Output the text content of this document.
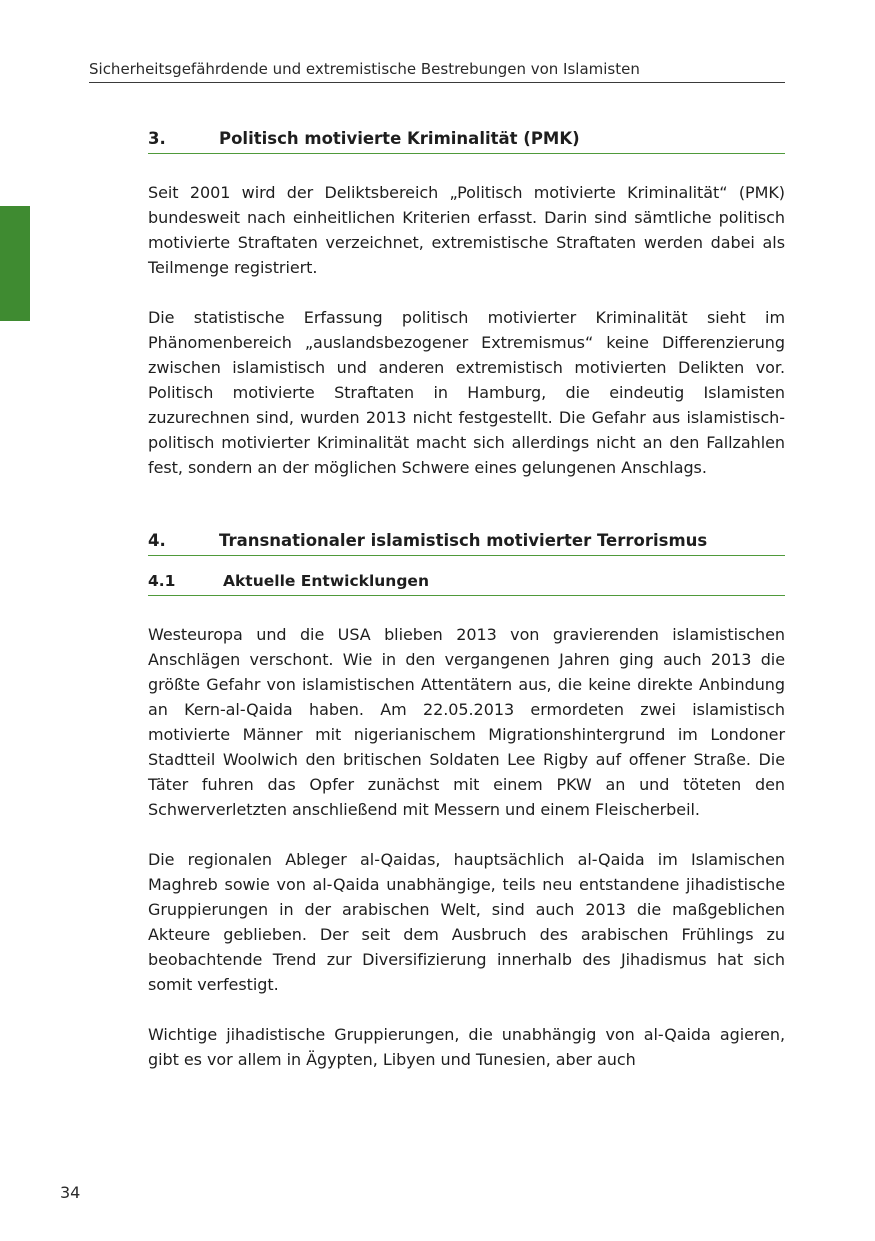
Sicherheitsgefährdende und extremistische Bestrebungen von Islamisten
3.	Politisch motivierte Kriminalität (PMK)

Seit 2001 wird der Deliktsbereich „Politisch motivierte Kriminalität“ (PMK) bundesweit nach einheitlichen Kriterien erfasst. Darin sind sämtliche politisch motivierte Straftaten verzeichnet, extremistische Straftaten werden dabei als Teilmenge registriert.

Die statistische Erfassung politisch motivierter Kriminalität sieht im Phänomenbereich „auslandsbezogener Extremismus“ keine Differenzierung zwischen islamistisch und anderen extremistisch motivierten Delikten vor. Politisch motivierte Straftaten in Hamburg, die eindeutig Islamisten zuzurechnen sind, wurden 2013 nicht festgestellt. Die Gefahr aus islamistisch-politisch motivierter Kriminalität macht sich allerdings nicht an den Fallzahlen fest, sondern an der möglichen Schwere eines gelungenen Anschlags.

4.	Transnationaler islamistisch motivierter Terrorismus
4.1	Aktuelle Entwicklungen

Westeuropa und die USA blieben 2013 von gravierenden islamistischen Anschlägen verschont. Wie in den vergangenen Jahren ging auch 2013 die größte Gefahr von islamistischen Attentätern aus, die keine direkte Anbindung an Kern-al-Qaida haben. Am 22.05.2013 ermordeten zwei islamistisch motivierte Männer mit nigerianischem Migrationshintergrund im Londoner Stadtteil Woolwich den britischen Soldaten Lee Rigby auf offener Straße. Die Täter fuhren das Opfer zunächst mit einem PKW an und töteten den Schwerverletzten anschließend mit Messern und einem Fleischerbeil.

Die regionalen Ableger al-Qaidas, hauptsächlich al-Qaida im Islamischen Maghreb sowie von al-Qaida unabhängige, teils neu entstandene jihadistische Gruppierungen in der arabischen Welt, sind auch 2013 die maßgeblichen Akteure geblieben. Der seit dem Ausbruch des arabischen Frühlings zu beobachtende Trend zur Diversifizierung innerhalb des Jihadismus hat sich somit verfestigt.

Wichtige jihadistische Gruppierungen, die unabhängig von al-Qaida agieren, gibt es vor allem in Ägypten, Libyen und Tunesien, aber auch

34
